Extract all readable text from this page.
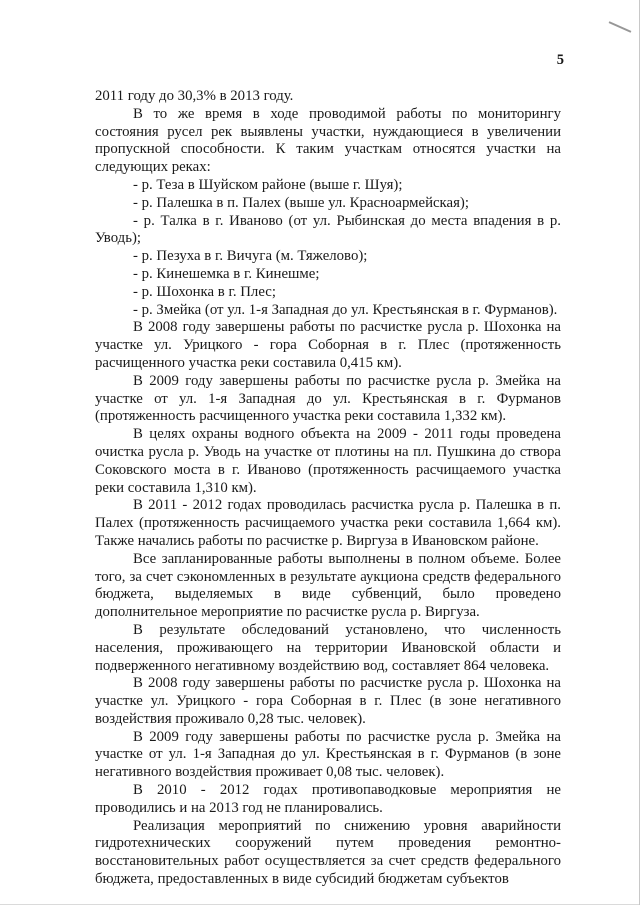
5

2011 году до 30,3% в 2013 году.

В то же время в ходе проводимой работы по мониторингу состояния русел рек выявлены участки, нуждающиеся в увеличении пропускной способности. К таким участкам относятся участки на следующих реках:

- р. Теза в Шуйском районе (выше г. Шуя);

- р. Палешка в п. Палех (выше ул. Красноармейская);

- р. Талка в г. Иваново (от ул. Рыбинская до места впадения в р. Уводь);

- р. Пезуха в г. Вичуга (м. Тяжелово);

- р. Кинешемка в г. Кинешме;

- р. Шохонка в г. Плес;

- р. Змейка (от ул. 1-я Западная до ул. Крестьянская в г. Фурманов).

В 2008 году завершены работы по расчистке русла р. Шохонка на участке ул. Урицкого - гора Соборная в г. Плес (протяженность расчищенного участка реки составила 0,415 км).

В 2009 году завершены работы по расчистке русла р. Змейка на участке от ул. 1-я Западная до ул. Крестьянская в г. Фурманов (протяженность расчищенного участка реки составила 1,332 км).

В целях охраны водного объекта на 2009 - 2011 годы проведена очистка русла р. Уводь на участке от плотины на пл. Пушкина до створа Соковского моста в г. Иваново (протяженность расчищаемого участка реки составила 1,310 км).

В 2011 - 2012 годах проводилась расчистка русла р. Палешка в п. Палех (протяженность расчищаемого участка реки составила 1,664 км). Также начались работы по расчистке р. Виргуза в Ивановском районе.

Все запланированные работы выполнены в полном объеме. Более того, за счет сэкономленных в результате аукциона средств федерального бюджета, выделяемых в виде субвенций, было проведено дополнительное мероприятие по расчистке русла р. Виргуза.

В результате обследований установлено, что численность населения, проживающего на территории Ивановской области и подверженного негативному воздействию вод, составляет 864 человека.

В 2008 году завершены работы по расчистке русла р. Шохонка на участке ул. Урицкого - гора Соборная в г. Плес (в зоне негативного воздействия проживало 0,28 тыс. человек).

В 2009 году завершены работы по расчистке русла р. Змейка на участке от ул. 1-я Западная до ул. Крестьянская в г. Фурманов (в зоне негативного воздействия проживает 0,08 тыс. человек).

В 2010 - 2012 годах противопаводковые мероприятия не проводились и на 2013 год не планировались.

Реализация мероприятий по снижению уровня аварийности гидротехнических сооружений путем проведения ремонтно-восстановительных работ осуществляется за счет средств федерального бюджета, предоставленных в виде субсидий бюджетам субъектов
